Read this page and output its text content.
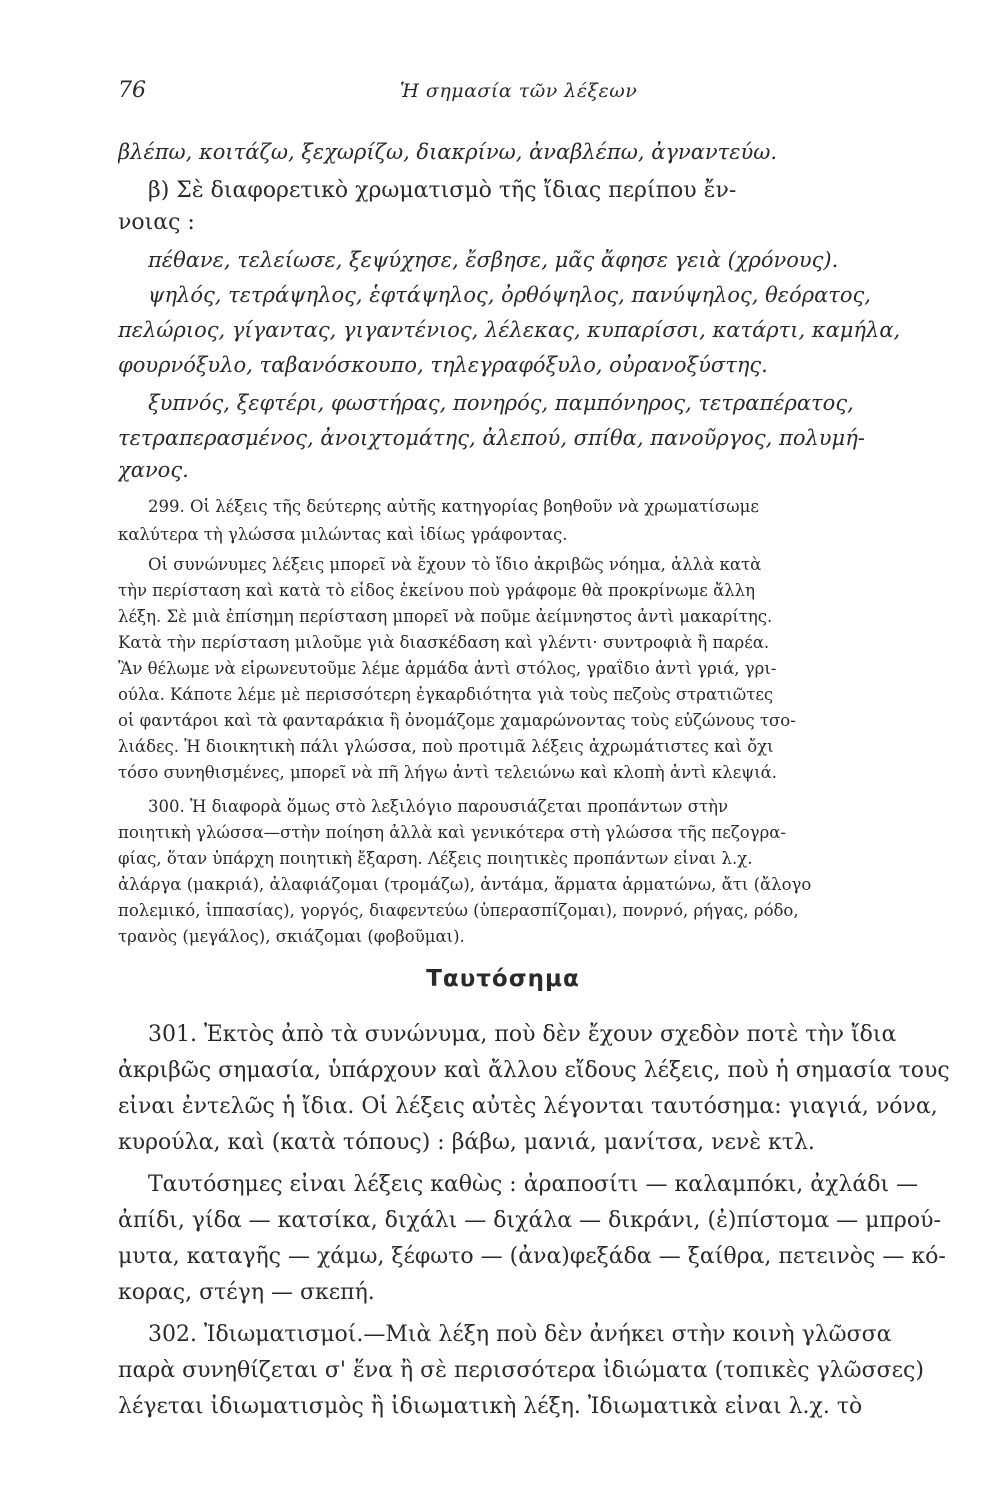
76	Ἡ σημασία τῶν λέξεων
βλέπω, κοιτάζω, ξεχωρίζω, διακρίνω, ἀναβλέπω, ἀγναντεύω.
β) Σὲ διαφορετικὸ χρωματισμὸ τῆς ἴδιας περίπου ἔν-
νοιας :
πέθανε, τελείωσε, ξεψύχησε, ἔσβησε, μᾶς ἄφησε γειὰ (χρόνους).
ψηλός, τετράψηλος, ἑφτάψηλος, ὀρθόψηλος, πανύψηλος, θεόρατος,
πελώριος, γίγαντας, γιγαντένιος, λέλεκας, κυπαρίσσι, κατάρτι, καμήλα,
φουρνόξυλο, ταβανόσκουπο, τηλεγραφόξυλο, οὐρανοξύστης.
ξυπνός, ξεφτέρι, φωστήρας, πονηρός, παμπόνηρος, τετραπέρατος,
τετραπερασμένος, ἀνοιχτομάτης, ἀλεπού, σπίθα, πανοῦργος, πολυμή-
χανος.
299. Οἱ λέξεις τῆς δεύτερης αὐτῆς κατηγορίας βοηθοῦν νὰ χρωματίσωμε
καλύτερα τὴ γλώσσα μιλώντας καὶ ἰδίως γράφοντας.
Οἱ συνώνυμες λέξεις μπορεῖ νὰ ἔχουν τὸ ἴδιο ἀκριβῶς νόημα, ἀλλὰ κατὰ
τὴν περίσταση καὶ κατὰ τὸ εἶδος ἐκείνου ποὺ γράφομε θὰ προκρίνωμε ἄλλη
λέξη. Σὲ μιὰ ἐπίσημη περίσταση μπορεῖ νὰ ποῦμε ἀείμνηστος ἀντὶ μακαρίτης.
Κατὰ τὴν περίσταση μιλοῦμε γιὰ διασκέδαση καὶ γλέντι· συντροφιὰ ἢ παρέα.
Ἂν θέλωμε νὰ εἰρωνευτοῦμε λέμε ἀρμάδα ἀντὶ στόλος, γραΐδιο ἀντὶ γριά, γρι-
ούλα. Κάποτε λέμε μὲ περισσότερη ἐγκαρδιότητα γιὰ τοὺς πεζοὺς στρατιῶτες
οἱ φαντάροι καὶ τὰ φανταράκια ἢ ὀνομάζομε χαμαρώνοντας τοὺς εὐζώνους τσο-
λιάδες. Ἡ διοικητικὴ πάλι γλώσσα, ποὺ προτιμᾶ λέξεις ἀχρωμάτιστες καὶ ὄχι
τόσο συνηθισμένες, μπορεῖ νὰ πῆ λήγω ἀντὶ τελειώνω καὶ κλοπὴ ἀντὶ κλεψιά.
300. Ἡ διαφορὰ ὅμως στὸ λεξιλόγιο παρουσιάζεται προπάντων στὴν
ποιητικὴ γλώσσα—στὴν ποίηση ἀλλὰ καὶ γενικότερα στὴ γλώσσα τῆς πεζογρα-
φίας, ὅταν ὑπάρχη ποιητικὴ ἔξαρση. Λέξεις ποιητικὲς προπάντων εἶναι λ.χ.
ἀλάργα (μακριά), ἀλαφιάζομαι (τρομάζω), ἀντάμα, ἅρματα ἀρματώνω, ἄτι (ἄλογο
πολεμικό, ἱππασίας), γοργός, διαφεντεύω (ὑπερασπίζομαι), πονρνό, ρήγας, ρόδο,
τρανὸς (μεγάλος), σκιάζομαι (φοβοῦμαι).
Ταυτόσημα
301. Ἐκτὸς ἀπὸ τὰ συνώνυμα, ποὺ δὲν ἔχουν σχεδὸν ποτὲ τὴν ἴδια
ἀκριβῶς σημασία, ὑπάρχουν καὶ ἄλλου εἴδους λέξεις, ποὺ ἡ σημασία τους
εἶναι ἐντελῶς ἡ ἴδια. Οἱ λέξεις αὐτὲς λέγονται ταυτόσημα: γιαγιά, νόνα,
κυρούλα, καὶ (κατὰ τόπους) : βάβω, μανιά, μανίτσα, νενὲ κτλ.
Ταυτόσημες εἶναι λέξεις καθὼς : ἀραποσίτι — καλαμπόκι, ἀχλάδι —
ἀπίδι, γίδα — κατσίκα, διχάλι — διχάλα — δικράνι, (ἐ)πίστομα — μπρού-
μυτα, καταγῆς — χάμω, ξέφωτο — (ἀνα)φεξάδα — ξαίθρα, πετεινὸς — κό-
κορας, στέγη — σκεπή.
302. Ἰδιωματισμοί.—Μιὰ λέξη ποὺ δὲν ἀνήκει στὴν κοινὴ γλῶσσα
παρὰ συνηθίζεται σ' ἕνα ἢ σὲ περισσότερα ἰδιώματα (τοπικὲς γλῶσσες)
λέγεται ἰδιωματισμὸς ἢ ἰδιωματικὴ λέξη. Ἰδιωματικὰ εἶναι λ.χ. τὸ
